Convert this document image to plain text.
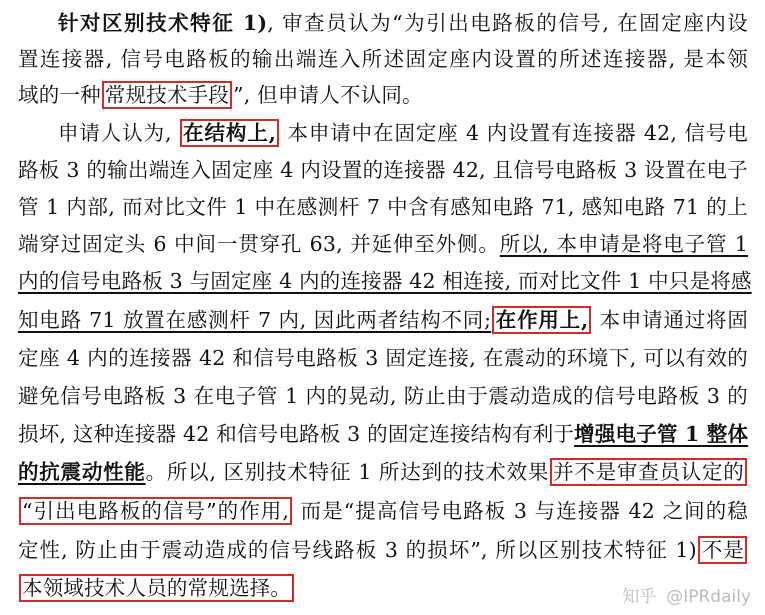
针对区别技术特征 1), 审查员认为“为引出电路板的信号, 在固定座内设
置连接器, 信号电路板的输出端连入所述固定座内设置的所述连接器, 是本领
域的一种 常规技术手段 ”, 但申请人不认同。
申请人认为, 在结构上, 本申请中在固定座 4 内设置有连接器 42, 信号电
路板 3 的输出端连入固定座 4 内设置的连接器 42, 且信号电路板 3 设置在电子
管 1 内部, 而对比文件 1 中在感测杆 7 中含有感知电路 71, 感知电路 71 的上
端穿过固定头 6 中间一贯穿孔 63, 并延伸至外侧。所以, 本申请是将电子管 1
内的信号电路板 3 与固定座 4 内的连接器 42 相连接, 而对比文件 1 中只是将感
知电路 71 放置在感测杆 7 内, 因此两者结构不同; 在作用上, 本申请通过将固
定座 4 内的连接器 42 和信号电路板 3 固定连接, 在震动的环境下, 可以有效的
避免信号电路板 3 在电子管 1 内的晃动, 防止由于震动造成的信号电路板 3 的
损坏, 这种连接器 42 和信号电路板 3 的固定连接结构有利于增强电子管 1 整体
的抗震动性能。所以, 区别技术特征 1 所达到的技术效果 并不是审查员认定的
“引出电路板的信号”的作用, 而是“提高信号电路板 3 与连接器 42 之间的稳
定性, 防止由于震动造成的信号线路板 3 的损坏”, 所以区别技术特征 1) 不是
本领域技术人员的常规选择。	知乎 @IPRdaily
